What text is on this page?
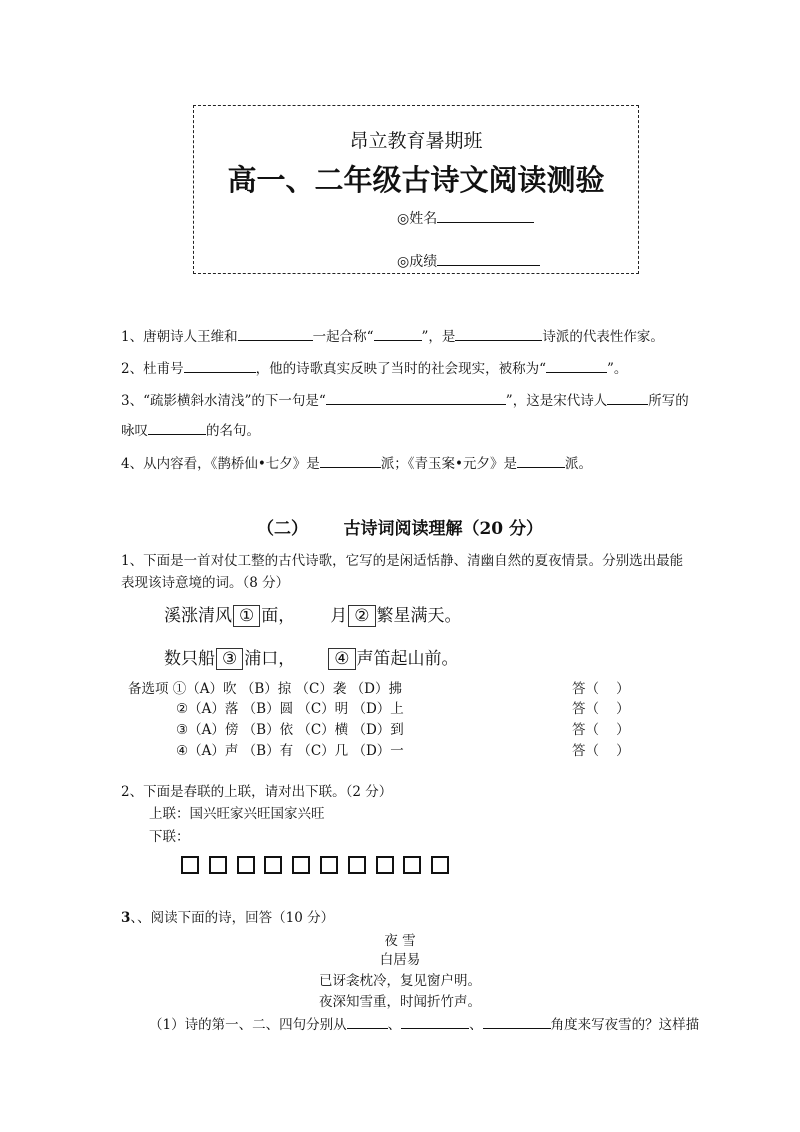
昂立教育暑期班
高一、二年级古诗文阅读测验
◎姓名
◎成绩
1、唐朝诗人王维和	一起合称“	”，是	诗派的代表性作家。
2、杜甫号	，他的诗歌真实反映了当时的社会现实，被称为“	”。
3、“疏影横斜水清浅”的下一句是“	”，这是宋代诗人	所写的
咏叹	的名句。
4、从内容看，《鹊桥仙•七夕》是	派；《青玉案•元夕》是	派。
（二）      古诗词阅读理解（20 分）
1、下面是一首对仗工整的古代诗歌，它写的是闲适恬静、清幽自然的夏夜情景。分别选出最能
表现该诗意境的词。（8 分）
溪涨清风 ① 面， 月 ② 繁星满天。
数只船 ③ 浦口， ④ 声笛起山前。
备选项 ①（A）吹 （B）掠 （C）袭 （D）拂	答（    ）
②（A）落 （B）圆 （C）明 （D）上	答（    ）
③（A）傍 （B）依 （C）横 （D）到	答（    ）
④（A）声 （B）有 （C）几 （D）一	答（    ）
2、下面是春联的上联，请对出下联。（2 分）
上联：国兴旺家兴旺国家兴旺
下联：
3、、阅读下面的诗，回答（10 分）
夜 雪
白居易
已讶衾枕冷，复见窗户明。
夜深知雪重，时闻折竹声。
（1）诗的第一、二、四句分别从	、	、	角度来写夜雪的？这样描
